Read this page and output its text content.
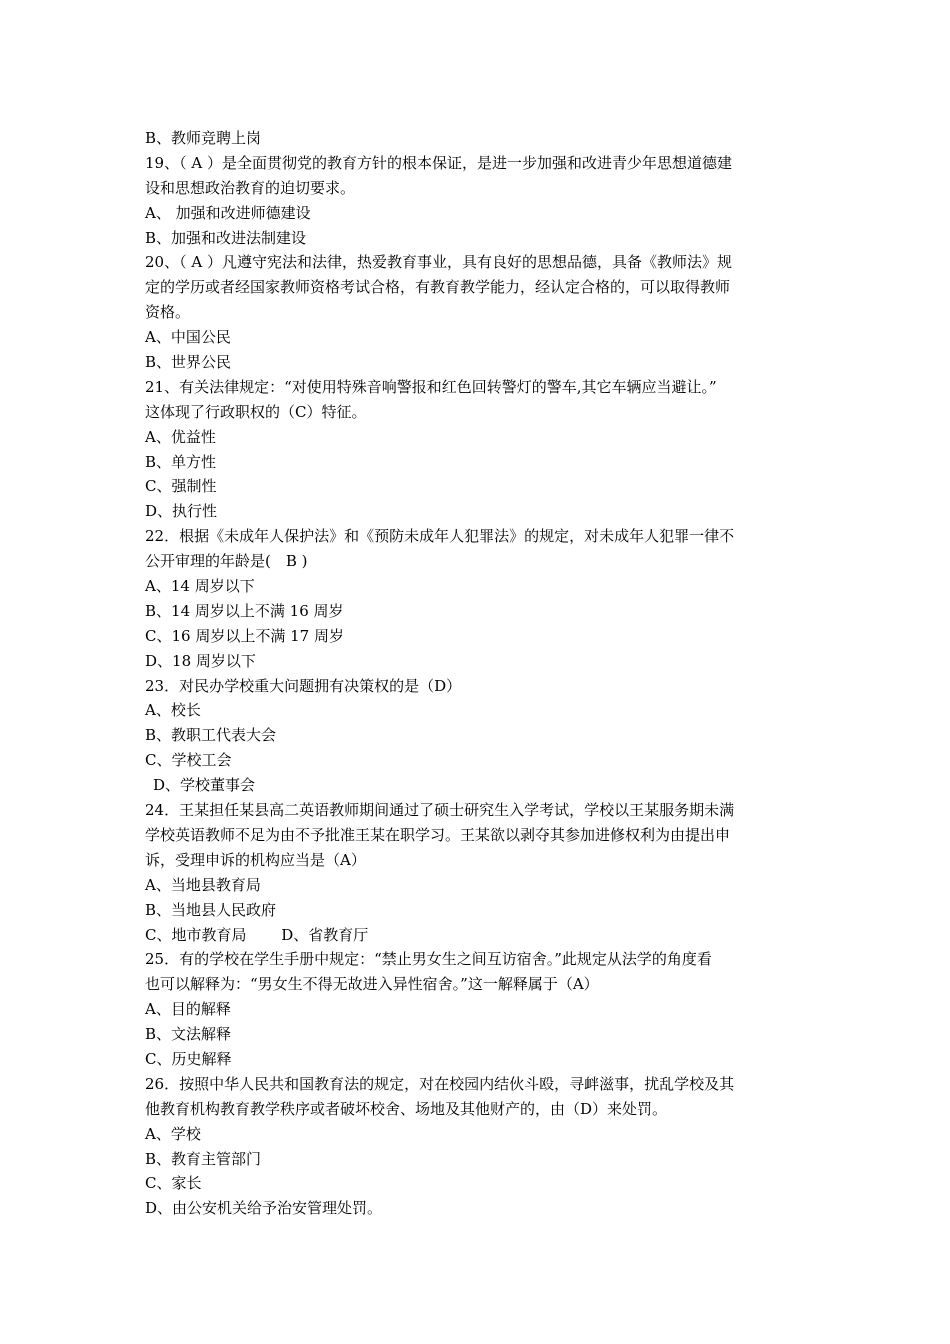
B、教师竞聘上岗
19、（ A ）是全面贯彻党的教育方针的根本保证，是进一步加强和改进青少年思想道德建
设和思想政治教育的迫切要求。
A、 加强和改进师德建设
B、加强和改进法制建设
20、（ A ）凡遵守宪法和法律，热爱教育事业，具有良好的思想品德，具备《教师法》规
定的学历或者经国家教师资格考试合格，有教育教学能力，经认定合格的，可以取得教师
资格。
A、中国公民
B、世界公民
21、有关法律规定：“对使用特殊音响警报和红色回转警灯的警车,其它车辆应当避让。”
这体现了行政职权的（C）特征。
A、优益性
B、单方性
C、强制性
D、执行性
22．根据《未成年人保护法》和《预防未成年人犯罪法》的规定，对未成年人犯罪一律不
公开审理的年龄是(　B )
A、14 周岁以下
B、14 周岁以上不满 16 周岁
C、16 周岁以上不满 17 周岁
D、18 周岁以下
23．对民办学校重大问题拥有决策权的是（D）
A、校长
B、教职工代表大会
C、学校工会
D、学校董事会
24．王某担任某县高二英语教师期间通过了硕士研究生入学考试，学校以王某服务期未满
学校英语教师不足为由不予批准王某在职学习。王某欲以剥夺其参加进修权利为由提出申
诉，受理申诉的机构应当是（A）
A、当地县教育局
B、当地县人民政府
C、地市教育局　　 D、省教育厅
25．有的学校在学生手册中规定：“禁止男女生之间互访宿舍。”此规定从法学的角度看
也可以解释为：“男女生不得无故进入异性宿舍。”这一解释属于（A）
A、目的解释
B、文法解释
C、历史解释
26．按照中华人民共和国教育法的规定，对在校园内结伙斗殴，寻衅滋事，扰乱学校及其
他教育机构教育教学秩序或者破坏校舍、场地及其他财产的，由（D）来处罚。
A、学校
B、教育主管部门
C、家长
D、由公安机关给予治安管理处罚。
